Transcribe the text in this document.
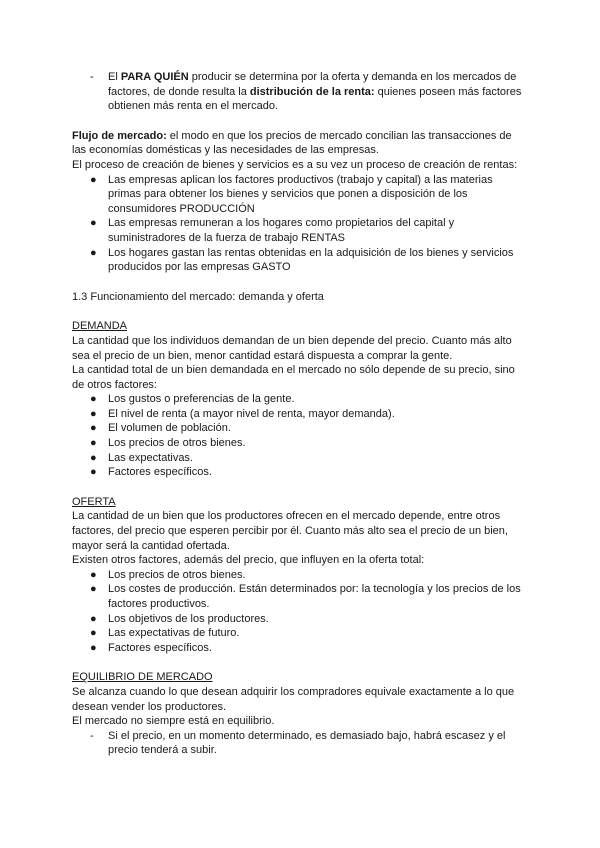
- El PARA QUIÉN producir se determina por la oferta y demanda en los mercados de factores, de donde resulta la distribución de la renta: quienes poseen más factores obtienen más renta en el mercado.

Flujo de mercado: el modo en que los precios de mercado concilian las transacciones de las economías domésticas y las necesidades de las empresas.

El proceso de creación de bienes y servicios es a su vez un proceso de creación de rentas:

● Las empresas aplican los factores productivos (trabajo y capital) a las materias primas para obtener los bienes y servicios que ponen a disposición de los consumidores PRODUCCIÓN
● Las empresas remuneran a los hogares como propietarios del capital y suministradores de la fuerza de trabajo RENTAS
● Los hogares gastan las rentas obtenidas en la adquisición de los bienes y servicios producidos por las empresas GASTO

1.3 Funcionamiento del mercado: demanda y oferta

DEMANDA

La cantidad que los individuos demandan de un bien depende del precio. Cuanto más alto sea el precio de un bien, menor cantidad estará dispuesta a comprar la gente.

La cantidad total de un bien demandada en el mercado no sólo depende de su precio, sino de otros factores:

● Los gustos o preferencias de la gente.
● El nivel de renta (a mayor nivel de renta, mayor demanda).
● El volumen de población.
● Los precios de otros bienes.
● Las expectativas.
● Factores específicos.

OFERTA

La cantidad de un bien que los productores ofrecen en el mercado depende, entre otros factores, del precio que esperen percibir por él. Cuanto más alto sea el precio de un bien, mayor será la cantidad ofertada.

Existen otros factores, además del precio, que influyen en la oferta total:

● Los precios de otros bienes.
● Los costes de producción. Están determinados por: la tecnología y los precios de los factores productivos.
● Los objetivos de los productores.
● Las expectativas de futuro.
● Factores específicos.

EQUILIBRIO DE MERCADO

Se alcanza cuando lo que desean adquirir los compradores equivale exactamente a lo que desean vender los productores.

El mercado no siempre está en equilibrio.

- Si el precio, en un momento determinado, es demasiado bajo, habrá escasez y el precio tenderá a subir.
